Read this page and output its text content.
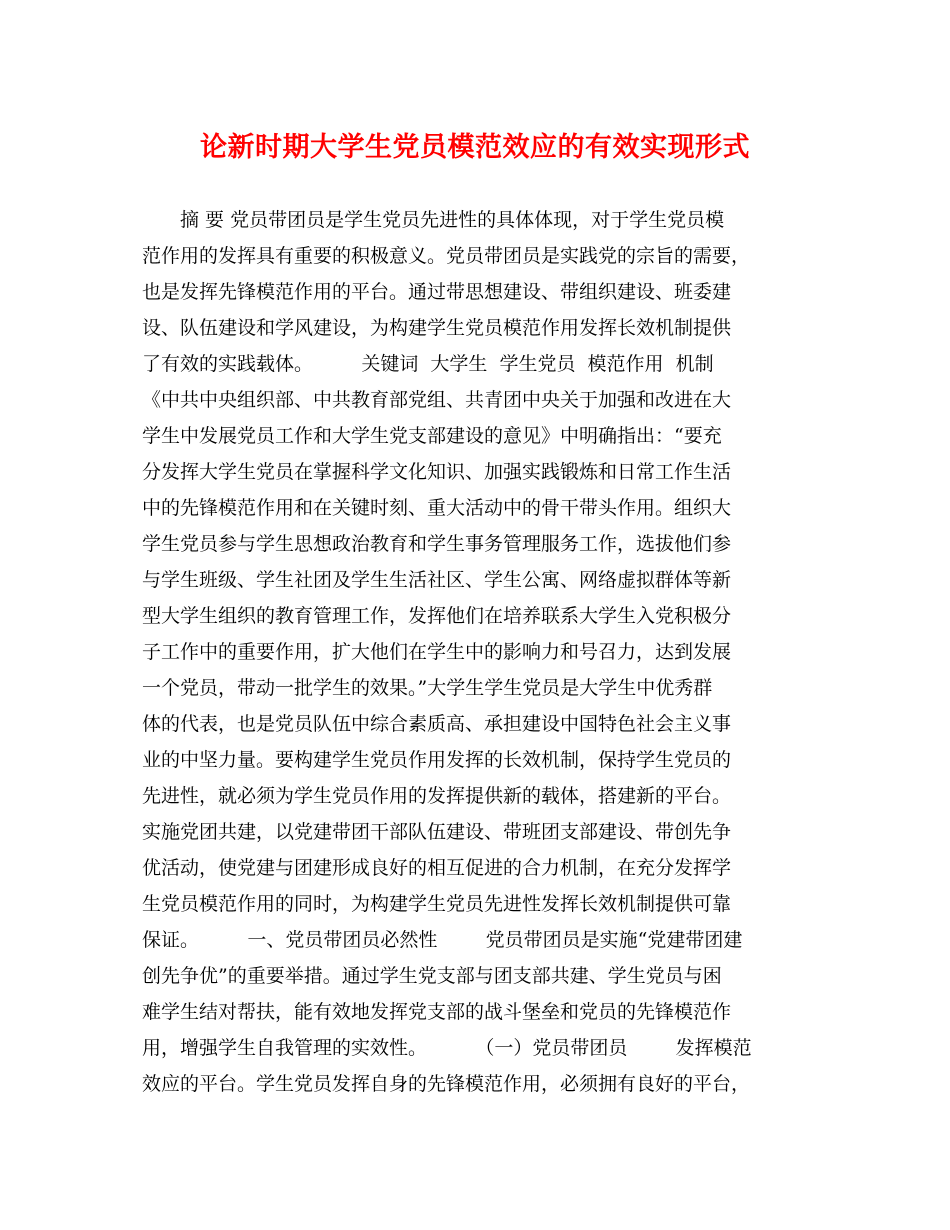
论新时期大学生党员模范效应的有效实现形式
摘 要 党员带团员是学生党员先进性的具体体现，对于学生党员模
范作用的发挥具有重要的积极意义。党员带团员是实践党的宗旨的需要，
也是发挥先锋模范作用的平台。通过带思想建设、带组织建设、班委建
设、队伍建设和学风建设，为构建学生党员模范作用发挥长效机制提供
了有效的实践载体。        关键词  大学生  学生党员  模范作用  机制
《中共中央组织部、中共教育部党组、共青团中央关于加强和改进在大
学生中发展党员工作和大学生党支部建设的意见》中明确指出：“要充
分发挥大学生党员在掌握科学文化知识、加强实践锻炼和日常工作生活
中的先锋模范作用和在关键时刻、重大活动中的骨干带头作用。组织大
学生党员参与学生思想政治教育和学生事务管理服务工作，选拔他们参
与学生班级、学生社团及学生生活社区、学生公寓、网络虚拟群体等新
型大学生组织的教育管理工作，发挥他们在培养联系大学生入党积极分
子工作中的重要作用，扩大他们在学生中的影响力和号召力，达到发展
一个党员，带动一批学生的效果。”大学生学生党员是大学生中优秀群
体的代表，也是党员队伍中综合素质高、承担建设中国特色社会主义事
业的中坚力量。要构建学生党员作用发挥的长效机制，保持学生党员的
先进性，就必须为学生党员作用的发挥提供新的载体，搭建新的平台。
实施党团共建，以党建带团干部队伍建设、带班团支部建设、带创先争
优活动，使党建与团建形成良好的相互促进的合力机制，在充分发挥学
生党员模范作用的同时，为构建学生党员先进性发挥长效机制提供可靠
保证。        一、党员带团员必然性        党员带团员是实施“党建带团建
创先争优”的重要举措。通过学生党支部与团支部共建、学生党员与困
难学生结对帮扶，能有效地发挥党支部的战斗堡垒和党员的先锋模范作
用，增强学生自我管理的实效性。        （一）党员带团员        发挥模范
效应的平台。学生党员发挥自身的先锋模范作用，必须拥有良好的平台，
